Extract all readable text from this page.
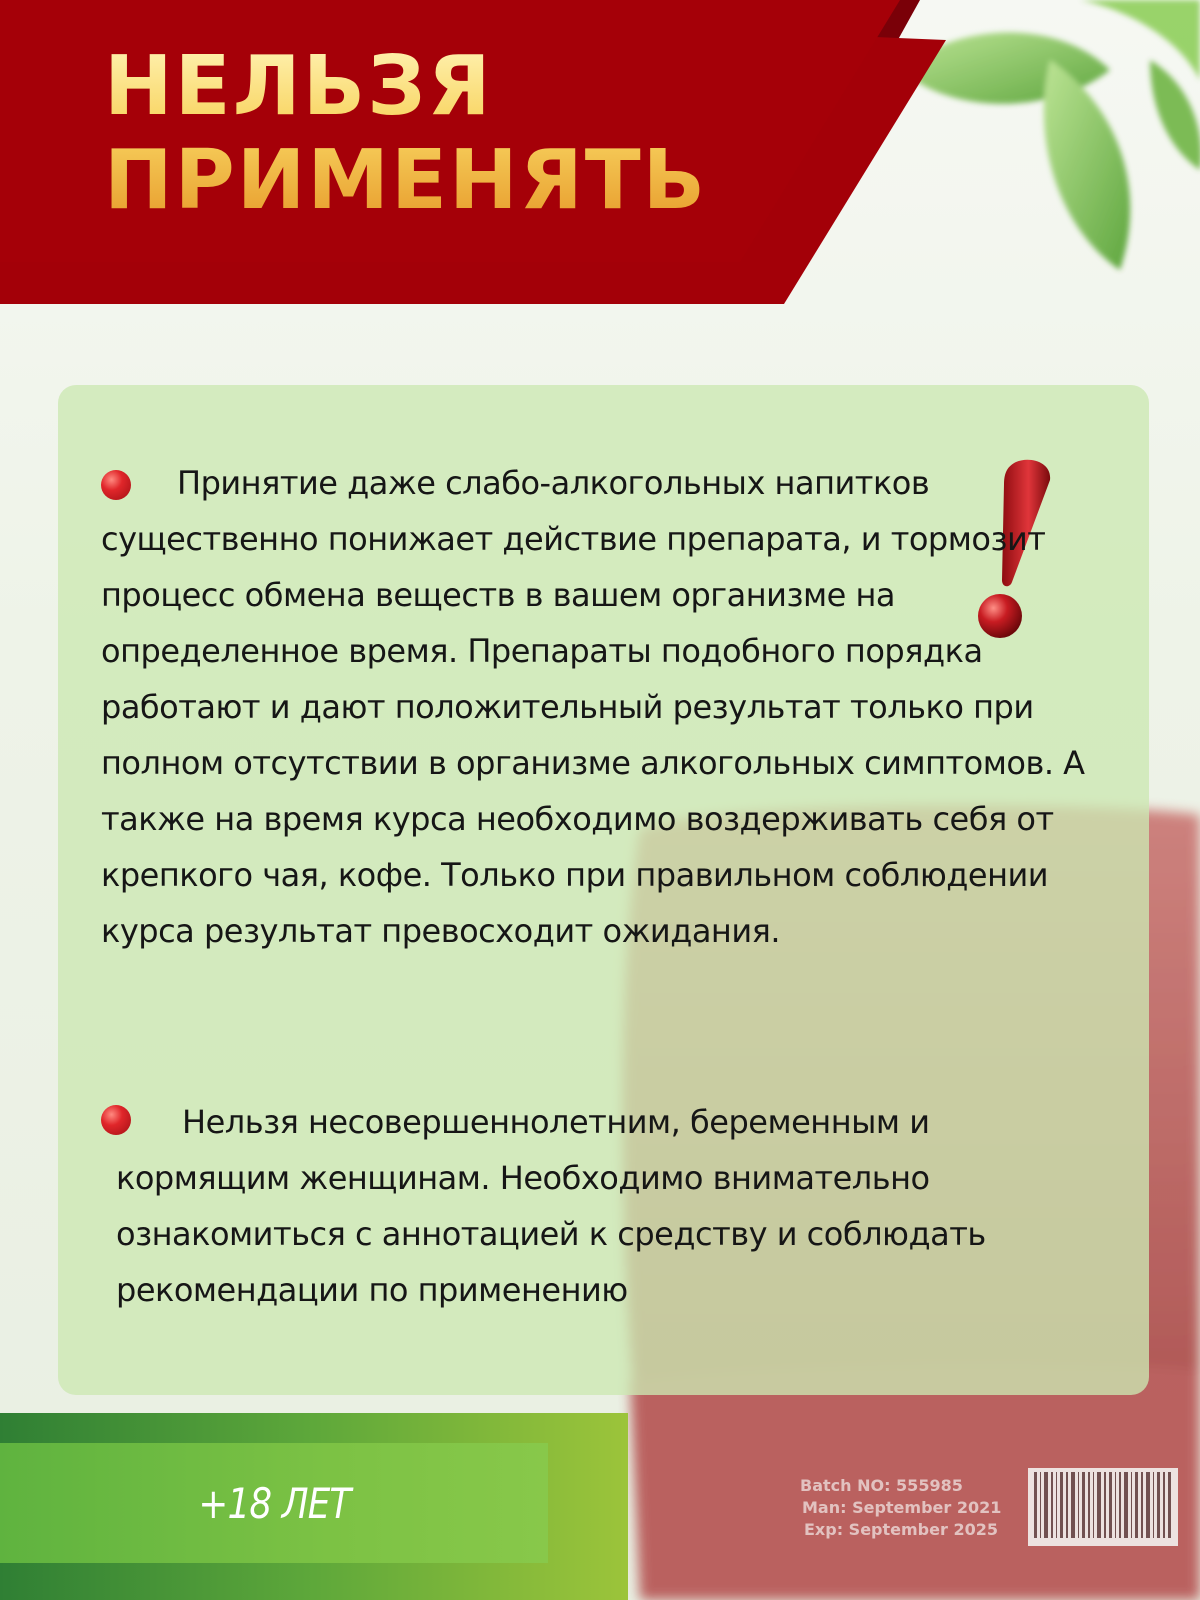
Batch NO: 555985
Man: September 2021
Exp: September 2025
НЕЛЬЗЯ
ПРИМЕНЯТЬ

Принятие даже слабо-алкогольных напитков существенно понижает действие препарата, и тормозит процесс обмена веществ в вашем организме на определенное время. Препараты подобного порядка работают и дают положительный результат только при полном отсутствии в организме алкогольных симптомов. А также на время курса необходимо воздерживать себя от крепкого чая, кофе. Только при правильном соблюдении курса результат превосходит ожидания.

Нельзя несовершеннолетним, беременным и кормящим женщинам. Необходимо внимательно ознакомиться с аннотацией к средству и соблюдать рекомендации по применению

+18 ЛЕТ
